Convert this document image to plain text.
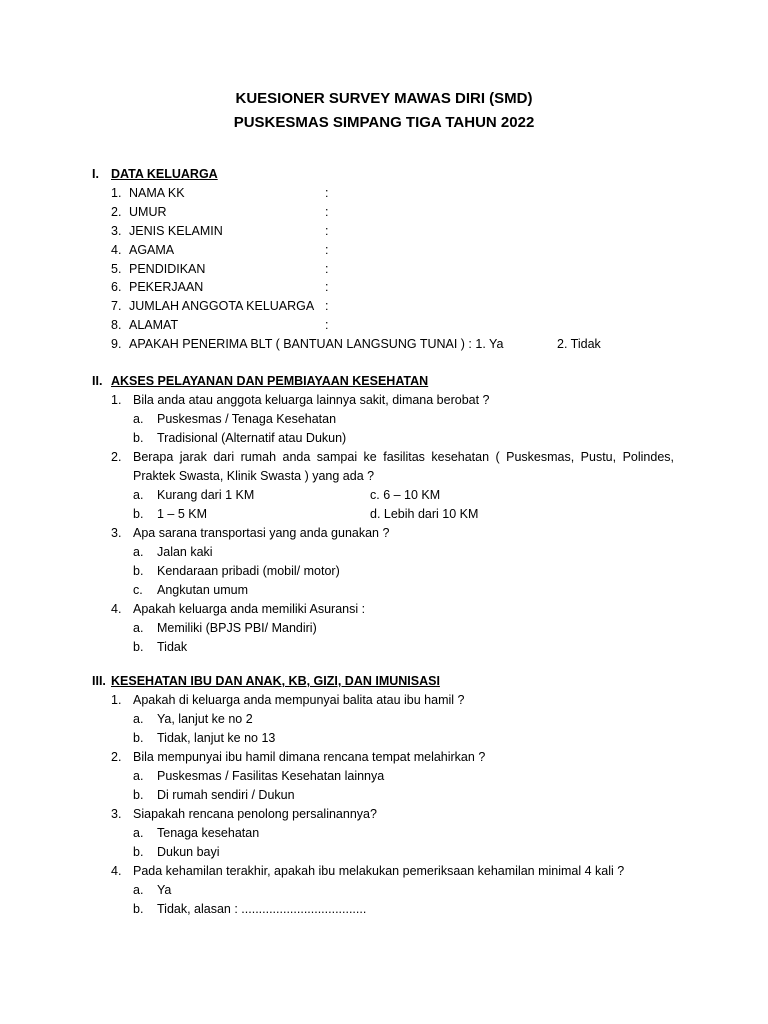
KUESIONER SURVEY MAWAS DIRI (SMD)
PUSKESMAS SIMPANG TIGA TAHUN 2022
I. DATA KELUARGA
1. NAMA KK	:
2. UMUR	:
3. JENIS KELAMIN	:
4. AGAMA	:
5. PENDIDIKAN	:
6. PEKERJAAN	:
7. JUMLAH ANGGOTA KELUARGA :
8. ALAMAT	:
9. APAKAH PENERIMA BLT ( BANTUAN LANGSUNG TUNAI ) : 1. Ya	2. Tidak
II. AKSES PELAYANAN DAN PEMBIAYAAN KESEHATAN
1. Bila anda atau anggota keluarga lainnya sakit, dimana berobat ?
a. Puskesmas / Tenaga Kesehatan
b. Tradisional (Alternatif atau Dukun)
2. Berapa jarak dari rumah anda sampai ke fasilitas kesehatan ( Puskesmas, Pustu, Polindes, Praktek Swasta, Klinik Swasta ) yang ada ?
a. Kurang dari 1 KM	c. 6 – 10 KM
b. 1 – 5 KM	d. Lebih dari 10 KM
3. Apa sarana transportasi yang anda gunakan ?
a. Jalan kaki
b. Kendaraan pribadi (mobil/ motor)
c. Angkutan umum
4. Apakah keluarga anda memiliki Asuransi :
a. Memiliki (BPJS PBI/ Mandiri)
b. Tidak
III. KESEHATAN IBU DAN ANAK, KB, GIZI, DAN IMUNISASI
1. Apakah di keluarga anda mempunyai balita atau ibu hamil ?
a. Ya, lanjut ke no 2
b. Tidak, lanjut ke no 13
2. Bila mempunyai ibu hamil dimana rencana tempat melahirkan ?
a. Puskesmas / Fasilitas Kesehatan lainnya
b. Di rumah sendiri / Dukun
3. Siapakah rencana penolong persalinannya?
a. Tenaga kesehatan
b. Dukun bayi
4. Pada kehamilan terakhir, apakah ibu melakukan pemeriksaan kehamilan minimal 4 kali ?
a. Ya
b. Tidak, alasan : ....................................
